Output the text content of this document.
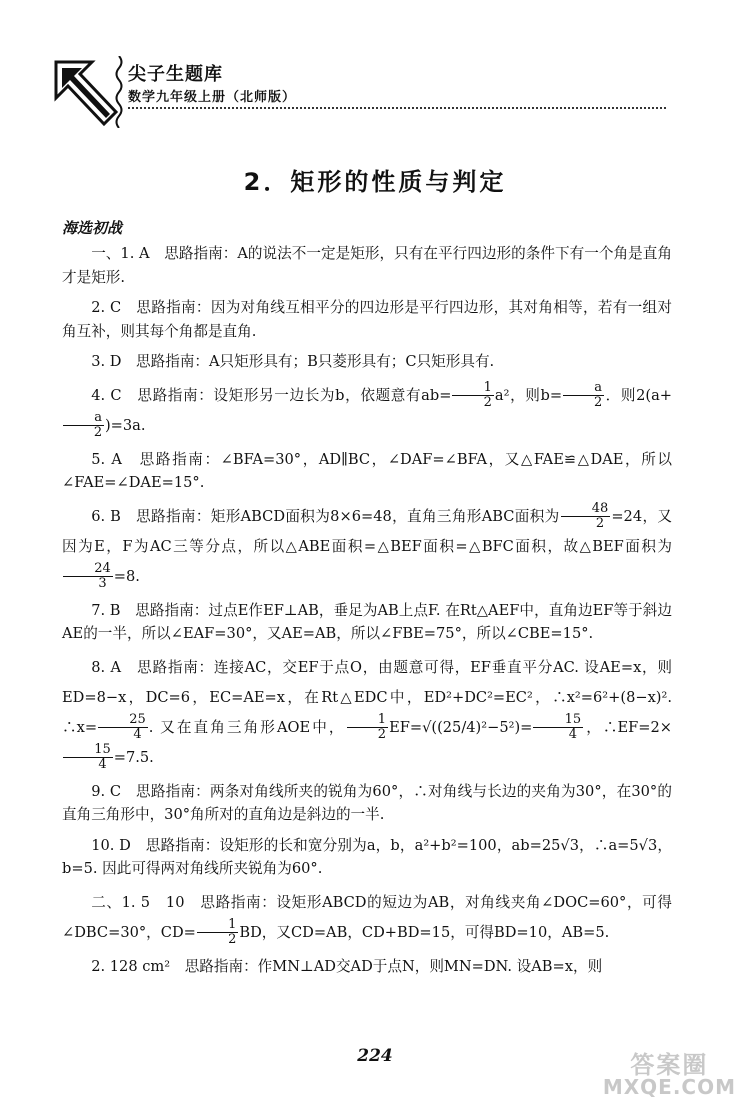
尖子生题库
数学九年级上册（北师版）
2．矩形的性质与判定
海选初战

一、1. A　思路指南：A的说法不一定是矩形，只有在平行四边形的条件下有一个角是直角才是矩形.

2. C　思路指南：因为对角线互相平分的四边形是平行四边形，其对角相等，若有一组对角互补，则其每个角都是直角.

3. D　思路指南：A只矩形具有；B只菱形具有；C只矩形具有.

4. C　思路指南：设矩形另一边长为b，依题意有$ab= \frac{1}{2} a^2$，则$b= \frac{a}{2}$ ．则2(a+
$\frac{a}{2} )=3a$.

5. A　思路指南：∠BFA=30°，AD∥BC，∠DAF=∠BFA，又△FAE≌△DAE，所以∠FAE=∠DAE=15°.

6. B　思路指南：矩形ABCD面积为8×6=48，直角三角形ABC面积为 $\frac{48}{2} =24$，又因为E，F为AC三等分点，所以△ABE面积=△BEF面积=△BFC面积，故△BEF面积为
$\frac{24}{3} =8$.

7. B　思路指南：过点E作EF⊥AB，垂足为AB上点F. 在Rt△AEF中，直角边EF等于斜边AE的一半，所以∠EAF=30°，又AE=AB，所以∠FBE=75°，所以∠CBE=15°.

8. A　思路指南：连接AC，交EF于点O，由题意可得，EF垂直平分AC. 设AE=x，则ED=8−x，DC=6，EC=AE=x，在Rt△EDC中，ED²+DC²=EC²，∴x²=6²+(8−x)². ∴x= $\frac{25}{4}$ . 又在直角三角形AOE中， $\frac{1}{2} EF=√((25/4)^2-5^2)= \frac{15}{4}$ ，∴EF=2×
$\frac{15}{4} =7.5$.

9. C　思路指南：两条对角线所夹的锐角为60°，∴对角线与长边的夹角为30°，在30°的直角三角形中，30°角所对的直角边是斜边的一半.

10. D　思路指南：设矩形的长和宽分别为a，b，a²+b²=100，ab=25√3，∴a=5√3，b=5. 因此可得两对角线所夹锐角为60°.

二、1. 5　10　思路指南：设矩形ABCD的短边为AB，对角线夹角∠DOC=60°，可得∠DBC=30°，$CD= \frac{1}{2}$ BD，又CD=AB，CD+BD=15，可得BD=10，AB=5.

2. 128 cm²　思路指南：作MN⊥AD交AD于点N，则MN=DN. 设AB=x，则

224	答案圈
MXQE.COM
